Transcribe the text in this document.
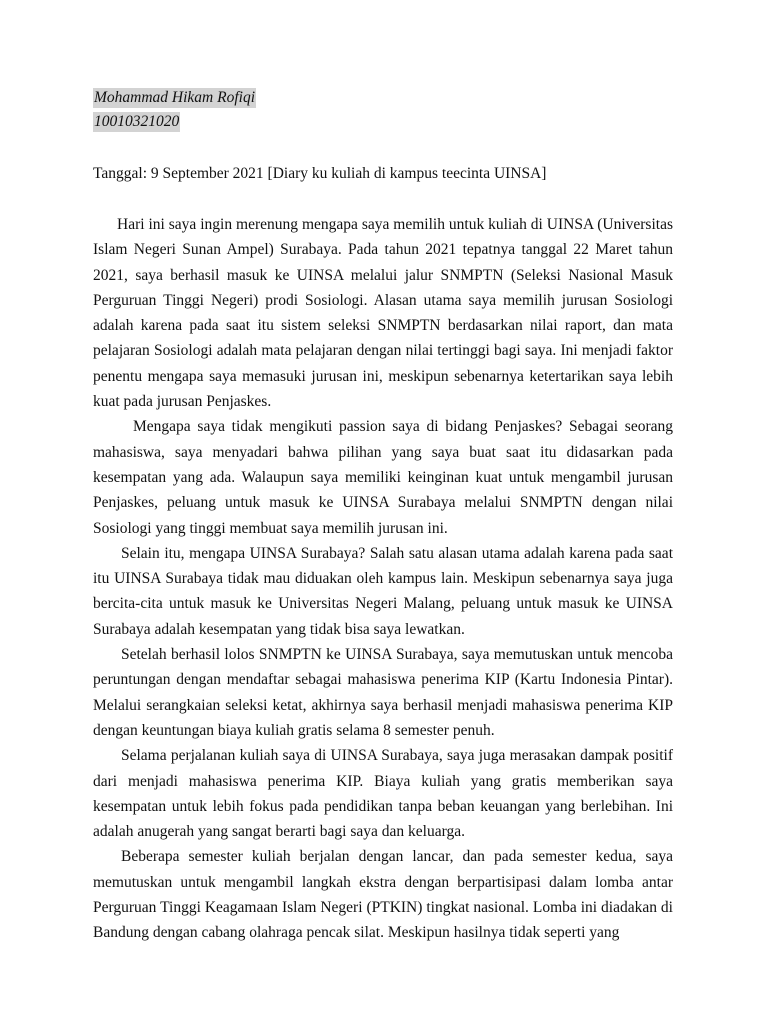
Mohammad Hikam Rofiqi
10010321020
Tanggal: 9 September 2021 [Diary ku kuliah di kampus teecinta UINSA]

Hari ini saya ingin merenung mengapa saya memilih untuk kuliah di UINSA (Universitas Islam Negeri Sunan Ampel) Surabaya. Pada tahun 2021 tepatnya tanggal 22 Maret tahun 2021, saya berhasil masuk ke UINSA melalui jalur SNMPTN (Seleksi Nasional Masuk Perguruan Tinggi Negeri) prodi Sosiologi. Alasan utama saya memilih jurusan Sosiologi adalah karena pada saat itu sistem seleksi SNMPTN berdasarkan nilai raport, dan mata pelajaran Sosiologi adalah mata pelajaran dengan nilai tertinggi bagi saya. Ini menjadi faktor penentu mengapa saya memasuki jurusan ini, meskipun sebenarnya ketertarikan saya lebih kuat pada jurusan Penjaskes.

Mengapa saya tidak mengikuti passion saya di bidang Penjaskes? Sebagai seorang mahasiswa, saya menyadari bahwa pilihan yang saya buat saat itu didasarkan pada kesempatan yang ada. Walaupun saya memiliki keinginan kuat untuk mengambil jurusan Penjaskes, peluang untuk masuk ke UINSA Surabaya melalui SNMPTN dengan nilai Sosiologi yang tinggi membuat saya memilih jurusan ini.

Selain itu, mengapa UINSA Surabaya? Salah satu alasan utama adalah karena pada saat itu UINSA Surabaya tidak mau diduakan oleh kampus lain. Meskipun sebenarnya saya juga bercita-cita untuk masuk ke Universitas Negeri Malang, peluang untuk masuk ke UINSA Surabaya adalah kesempatan yang tidak bisa saya lewatkan.

Setelah berhasil lolos SNMPTN ke UINSA Surabaya, saya memutuskan untuk mencoba peruntungan dengan mendaftar sebagai mahasiswa penerima KIP (Kartu Indonesia Pintar). Melalui serangkaian seleksi ketat, akhirnya saya berhasil menjadi mahasiswa penerima KIP dengan keuntungan biaya kuliah gratis selama 8 semester penuh.

Selama perjalanan kuliah saya di UINSA Surabaya, saya juga merasakan dampak positif dari menjadi mahasiswa penerima KIP. Biaya kuliah yang gratis memberikan saya kesempatan untuk lebih fokus pada pendidikan tanpa beban keuangan yang berlebihan. Ini adalah anugerah yang sangat berarti bagi saya dan keluarga.

Beberapa semester kuliah berjalan dengan lancar, dan pada semester kedua, saya memutuskan untuk mengambil langkah ekstra dengan berpartisipasi dalam lomba antar Perguruan Tinggi Keagamaan Islam Negeri (PTKIN) tingkat nasional. Lomba ini diadakan di Bandung dengan cabang olahraga pencak silat. Meskipun hasilnya tidak seperti yang
